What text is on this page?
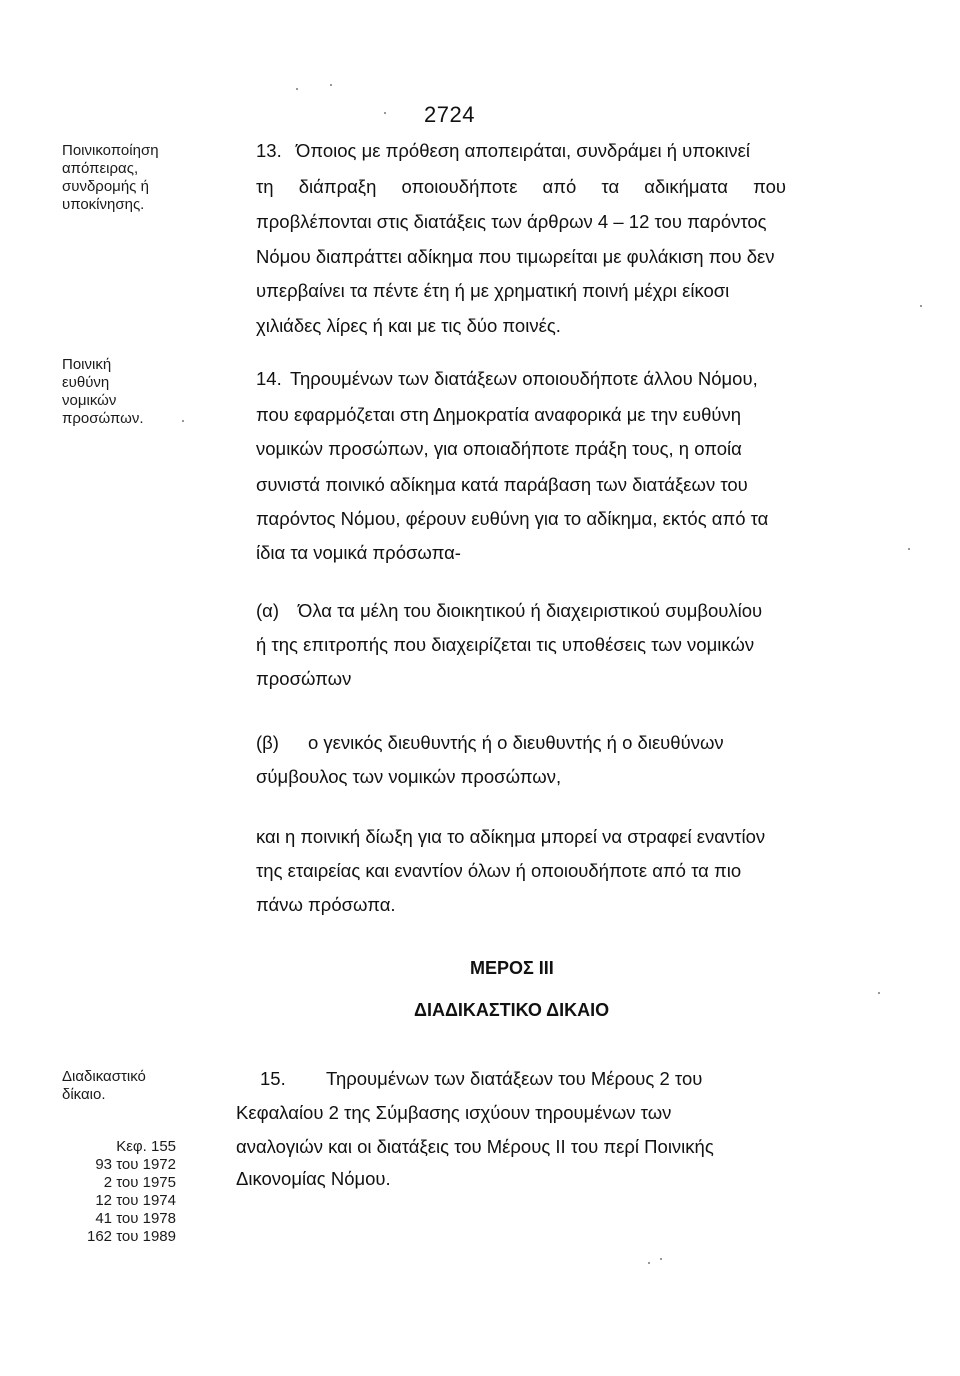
2724
Ποινικοποίηση
απόπειρας,
συνδρομής ή
υποκίνησης.
13. Όποιος με πρόθεση αποπειράται, συνδράμει ή υποκινεί
τη διάπραξη οποιουδήποτε από τα αδικήματα που
προβλέπονται στις διατάξεις των άρθρων 4 – 12 του παρόντος
Νόμου διαπράττει αδίκημα που τιμωρείται με φυλάκιση που δεν
υπερβαίνει τα πέντε έτη ή με χρηματική ποινή μέχρι είκοσι
χιλιάδες λίρες ή και με τις δύο ποινές.
Ποινική
ευθύνη
νομικών
προσώπων.
14. Τηρουμένων των διατάξεων οποιουδήποτε άλλου Νόμου,
που εφαρμόζεται στη Δημοκρατία αναφορικά με την ευθύνη
νομικών προσώπων, για οποιαδήποτε πράξη τους, η οποία
συνιστά ποινικό αδίκημα κατά παράβαση των διατάξεων του
παρόντος Νόμου, φέρουν ευθύνη για το αδίκημα, εκτός από τα
ίδια τα νομικά πρόσωπα-
(α) Όλα τα μέλη του διοικητικού ή διαχειριστικού συμβουλίου
ή της επιτροπής που διαχειρίζεται τις υποθέσεις των νομικών
προσώπων
(β) ο γενικός διευθυντής ή ο διευθυντής ή ο διευθύνων
σύμβουλος των νομικών προσώπων,
και η ποινική δίωξη για το αδίκημα μπορεί να στραφεί εναντίον
της εταιρείας και εναντίον όλων ή οποιουδήποτε από τα πιο
πάνω πρόσωπα.
ΜΕΡΟΣ III
ΔΙΑΔΙΚΑΣΤΙΚΟ ΔΙΚΑΙΟ
Διαδικαστικό
δίκαιο.
Κεφ. 155
93 του 1972
2 του 1975
12 του 1974
41 του 1978
162 του 1989
15. Τηρουμένων των διατάξεων του Μέρους 2 του
Κεφαλαίου 2 της Σύμβασης ισχύουν τηρουμένων των
αναλογιών και οι διατάξεις του Μέρους ΙΙ του περί Ποινικής
Δικονομίας Νόμου.
